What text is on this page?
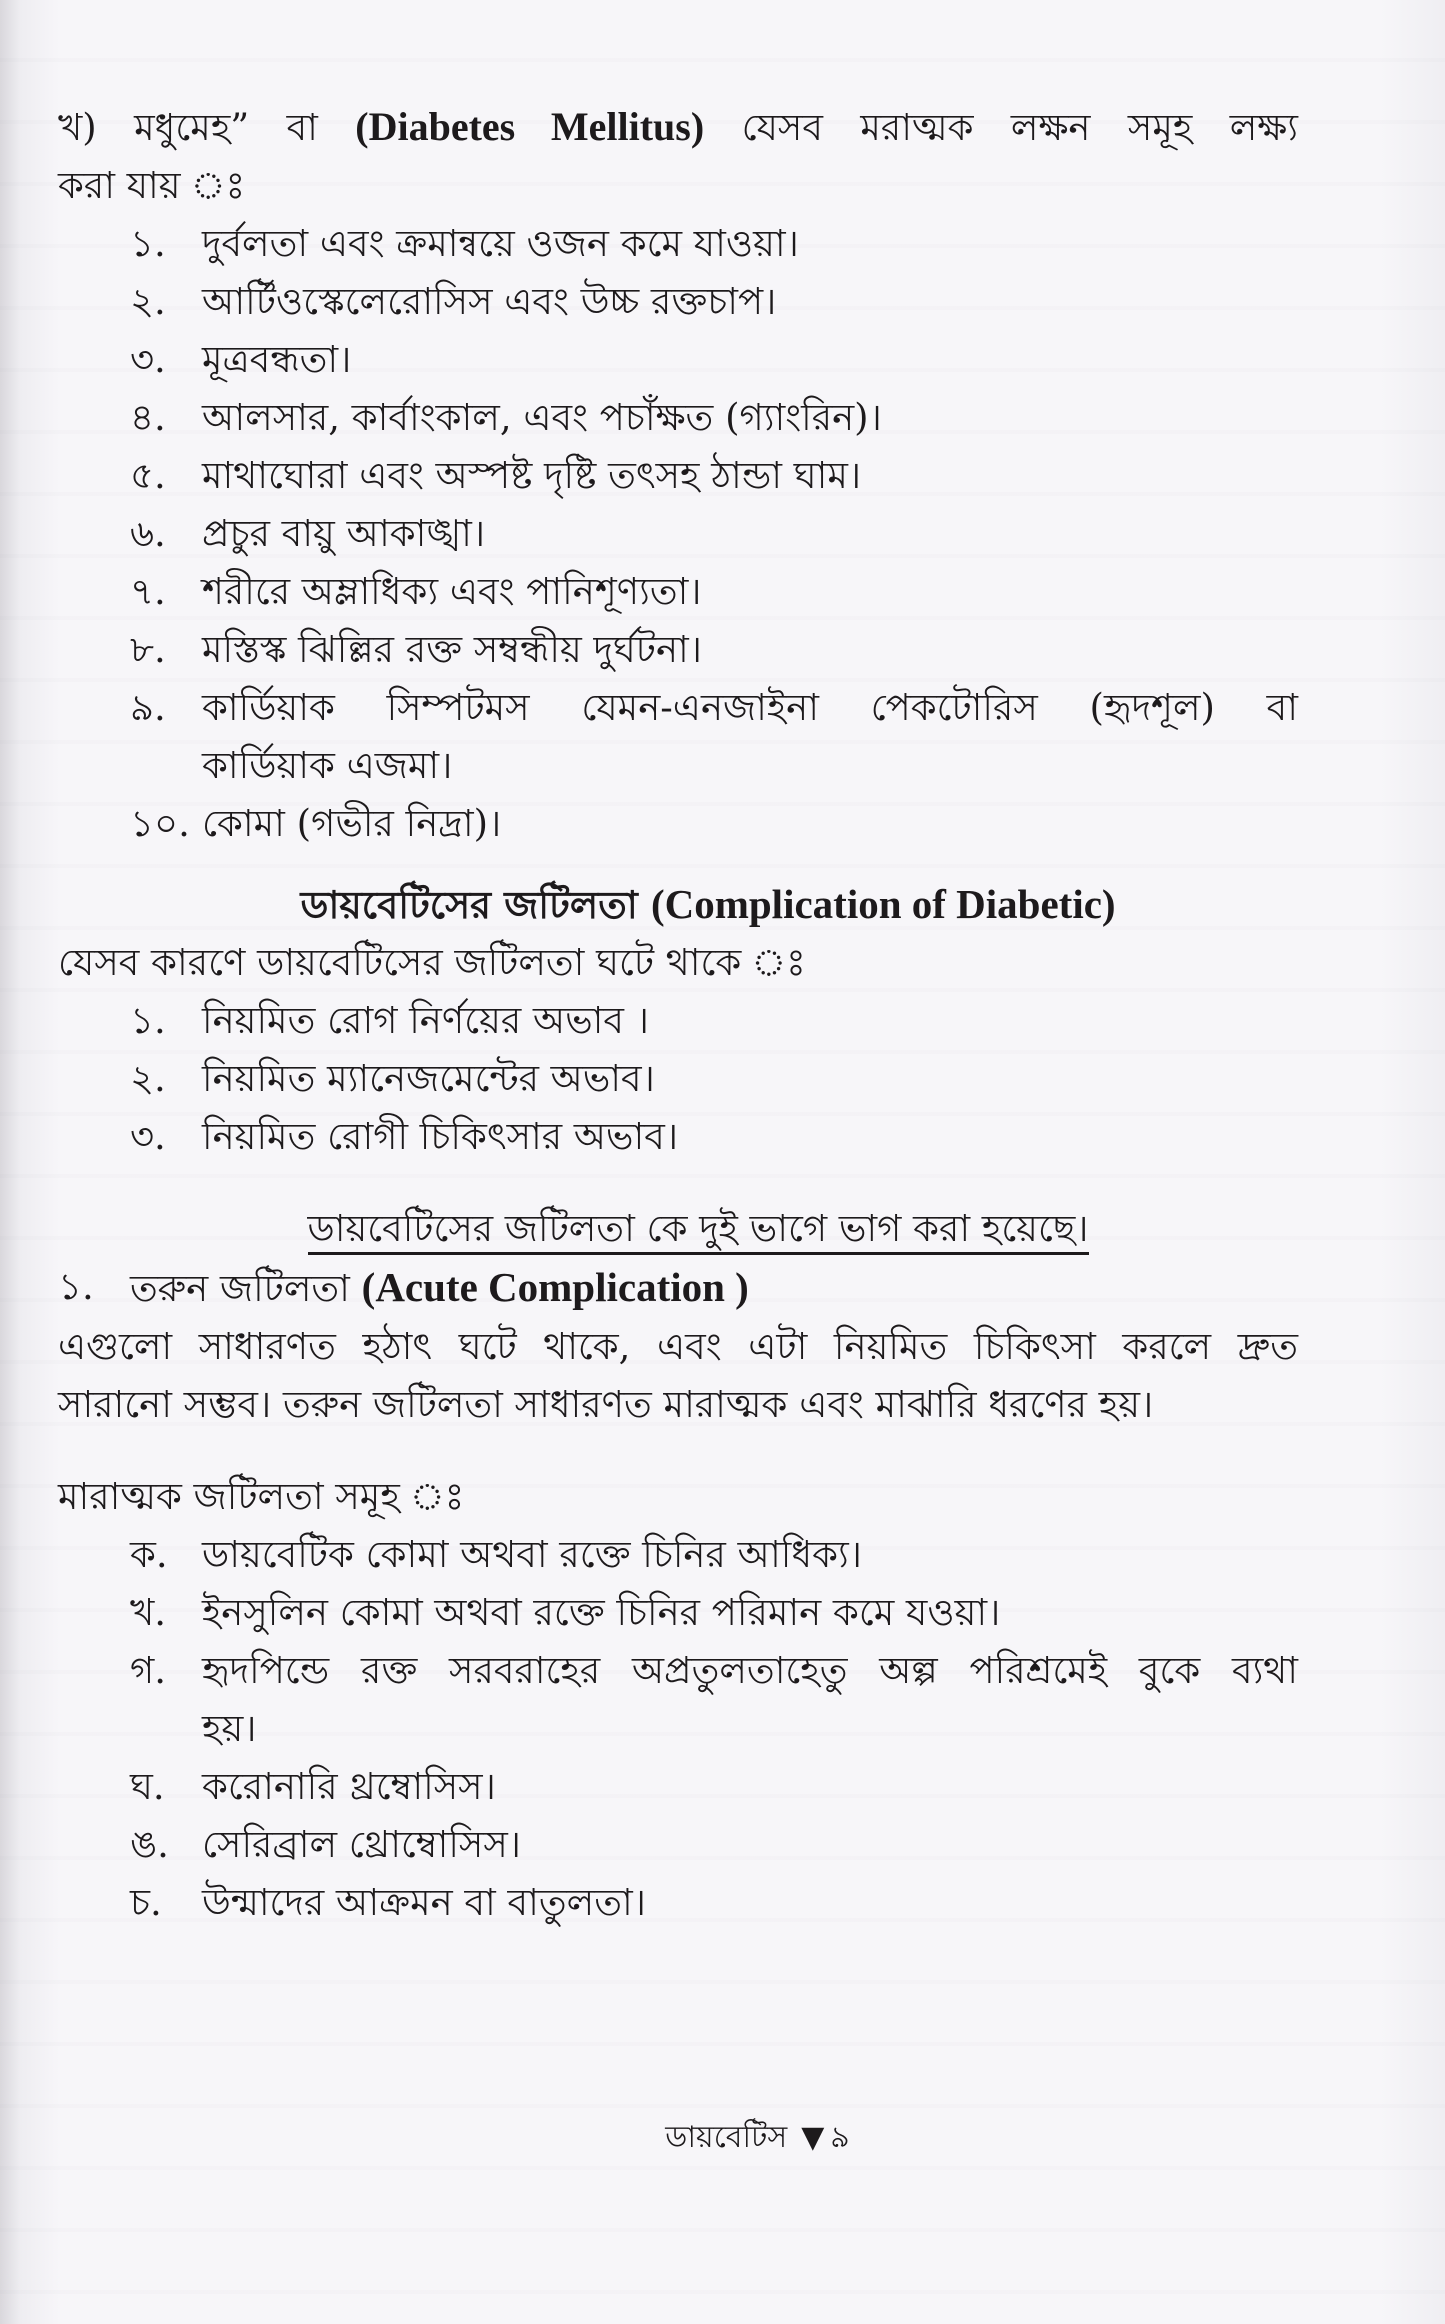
খ) মধুমেহ” বা (Diabetes Mellitus) যেসব মরাত্মক লক্ষন সমূহ লক্ষ্য
করা যায় ঃ
১. দুর্বলতা এবং ক্রমান্বয়ে ওজন কমে যাওয়া।
২. আর্টিওস্কেলেরোসিস এবং উচ্চ রক্তচাপ।
৩. মূত্রবন্ধতা।
৪. আলসার, কার্বাংকাল, এবং পচাঁক্ষত (গ্যাংরিন)।
৫. মাথাঘোরা এবং অস্পষ্ট দৃষ্টি তৎসহ ঠান্ডা ঘাম।
৬. প্রচুর বায়ু আকাঙ্খা।
৭. শরীরে অম্লাধিক্য এবং পানিশূণ্যতা।
৮. মস্তিস্ক ঝিল্লির রক্ত সম্বন্ধীয় দুর্ঘটনা।
৯. কার্ডিয়াক সিম্পটমস যেমন-এনজাইনা পেকটোরিস (হৃদশূল) বা
কার্ডিয়াক এজমা।
১০. কোমা (গভীর নিদ্রা)।
ডায়বেটিসের জটিলতা (Complication of Diabetic)
যেসব কারণে ডায়বেটিসের জটিলতা ঘটে থাকে ঃ
১. নিয়মিত রোগ নির্ণয়ের অভাব ।
২. নিয়মিত ম্যানেজমেন্টের অভাব।
৩. নিয়মিত রোগী চিকিৎসার অভাব।
ডায়বেটিসের জটিলতা কে দুই ভাগে ভাগ করা হয়েছে।
১. তরুন জটিলতা (Acute Complication )
এগুলো সাধারণত হঠাৎ ঘটে থাকে, এবং এটা নিয়মিত চিকিৎসা করলে দ্রুত
সারানো সম্ভব। তরুন জটিলতা সাধারণত মারাত্মক এবং মাঝারি ধরণের হয়।
মারাত্মক জটিলতা সমূহ ঃ
ক. ডায়বেটিক কোমা অথবা রক্তে চিনির আধিক্য।
খ. ইনসুলিন কোমা অথবা রক্তে চিনির পরিমান কমে যওয়া।
গ. হৃদপিন্ডে রক্ত সরবরাহের অপ্রতুলতাহেতু অল্প পরিশ্রমেই বুকে ব্যথা
হয়।
ঘ.	করোনারি থ্রম্বোসিস।
ঙ. সেরিব্রাল থ্রোম্বোসিস।
চ.	উন্মাদের আক্রমন বা বাতুলতা।
ডায়বেটিস ▼ ৯
